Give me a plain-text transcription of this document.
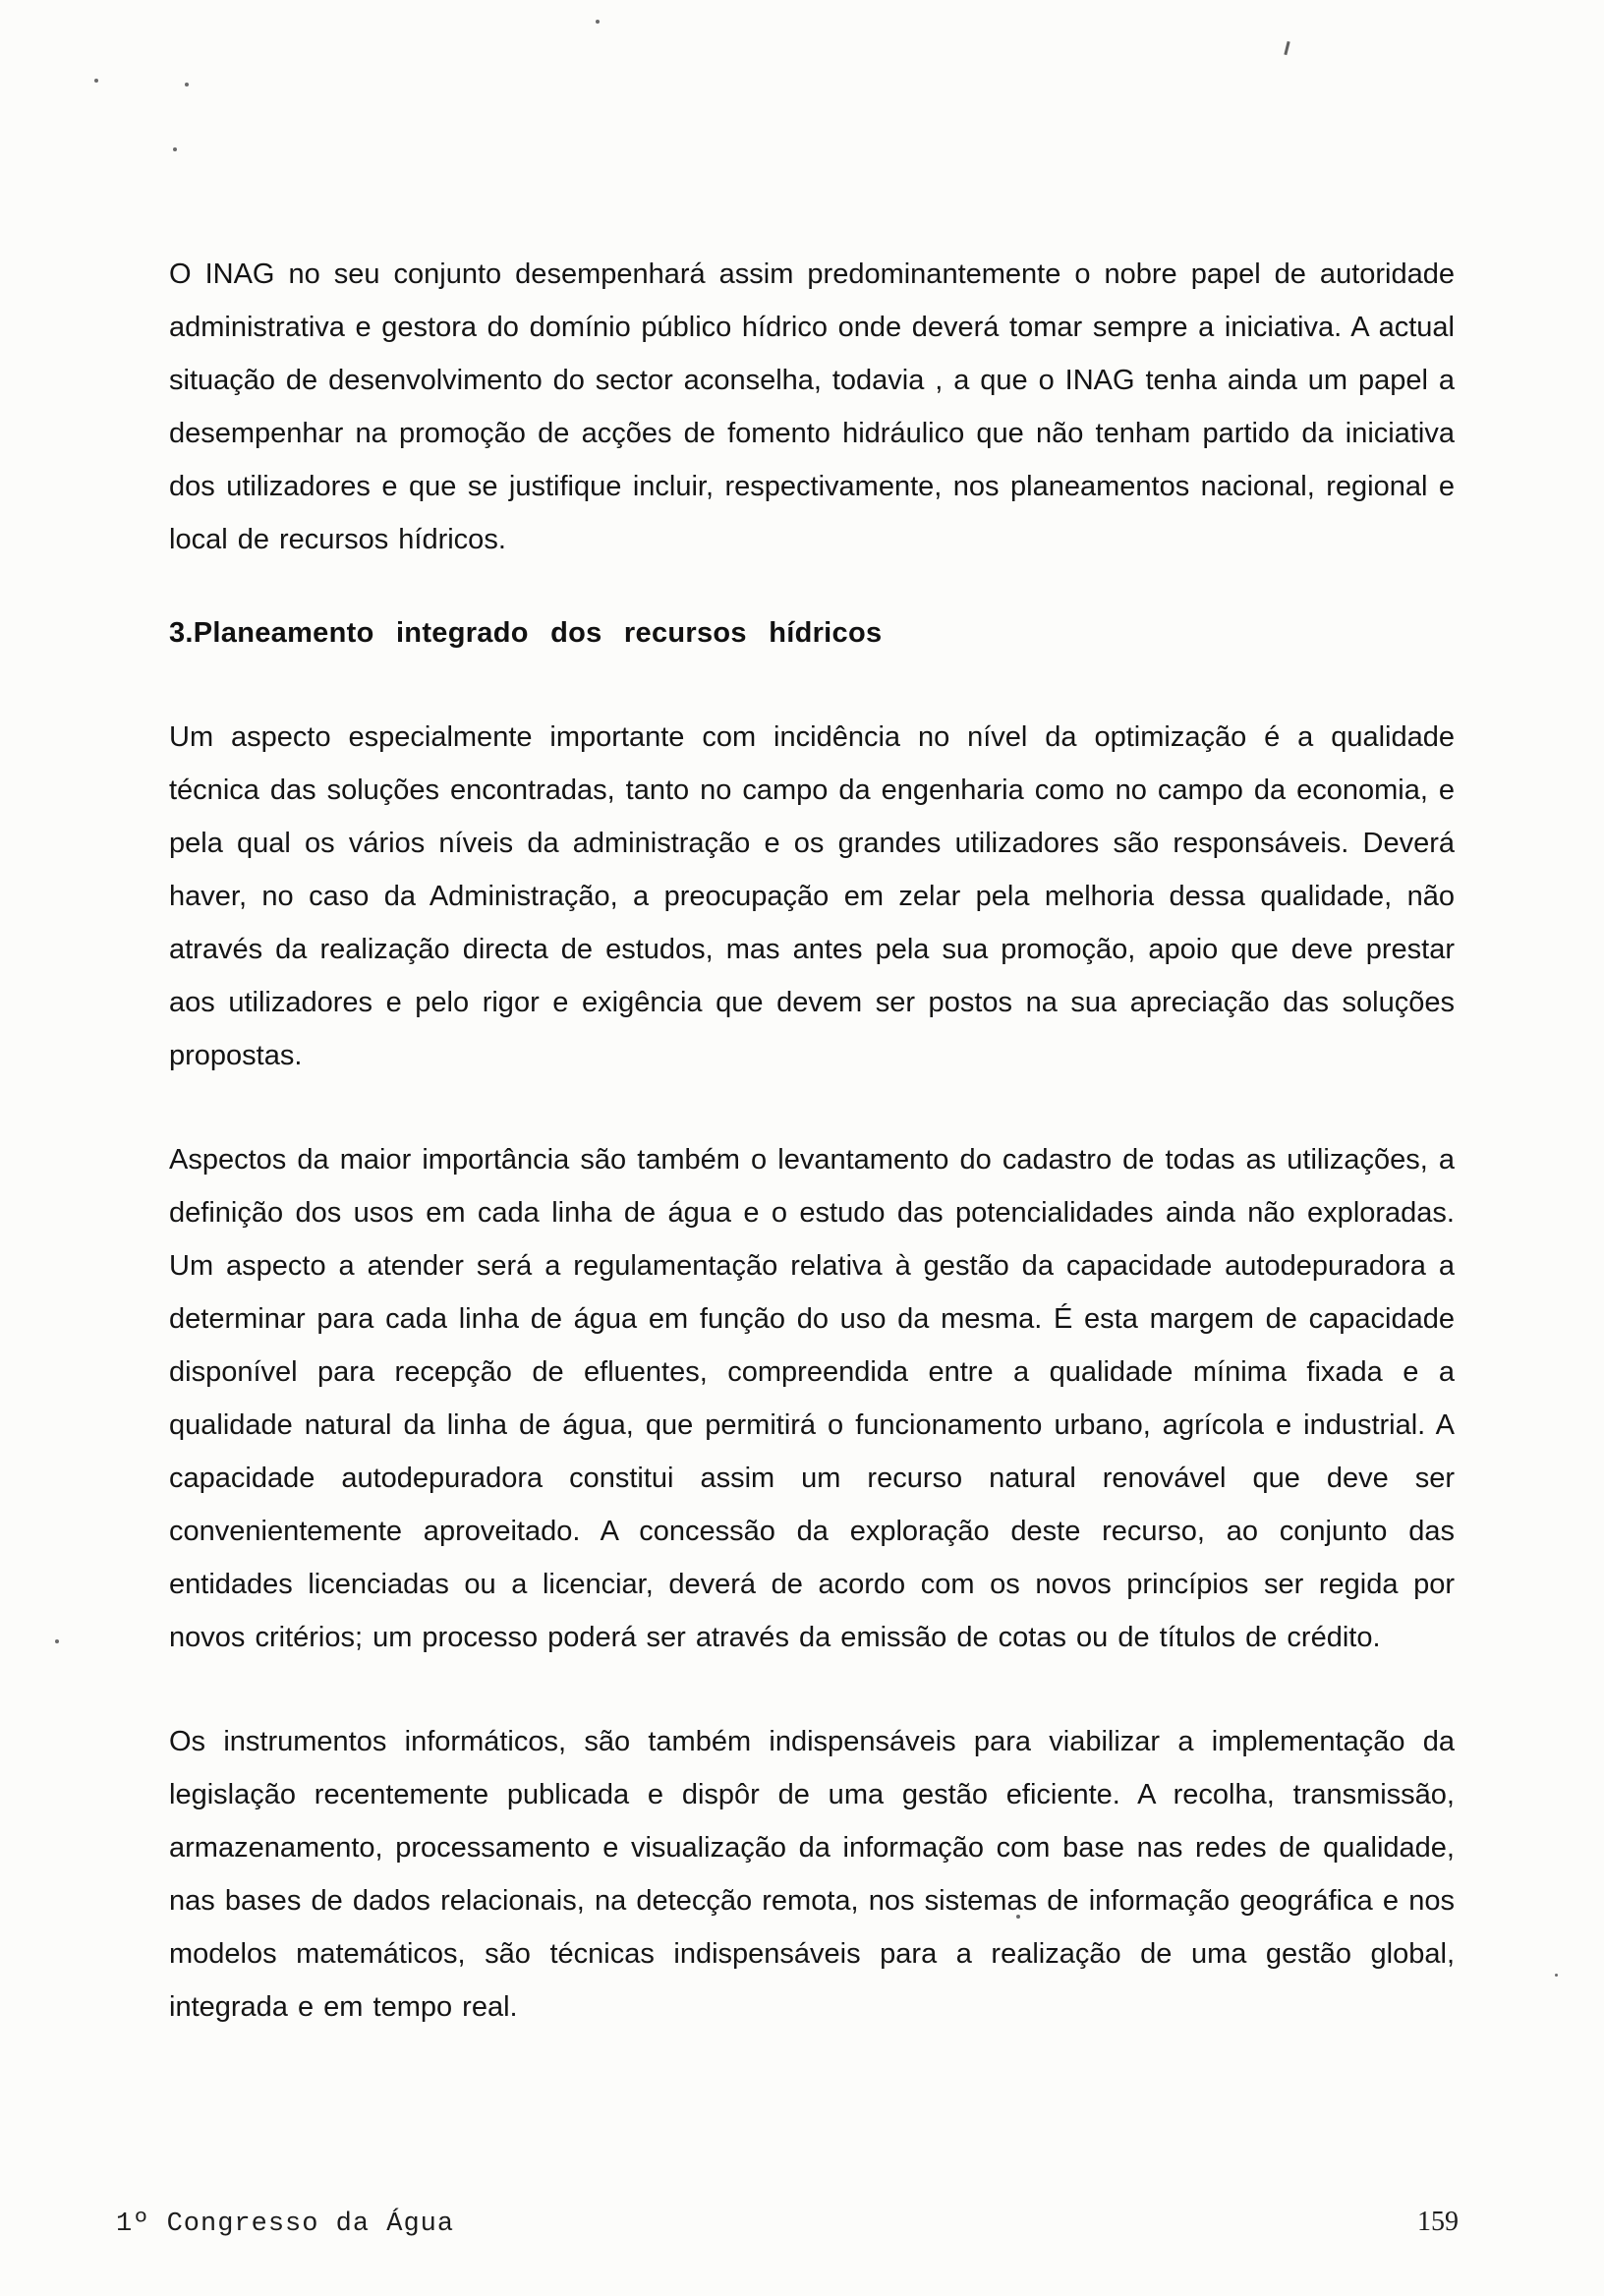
O INAG no seu conjunto desempenhará assim predominantemente o nobre papel de autoridade administrativa e gestora do domínio público hídrico onde deverá tomar sempre a iniciativa. A actual situação de desenvolvimento do sector aconselha, todavia , a que o INAG tenha ainda um papel a desempenhar na promoção de acções de fomento hidráulico que não tenham partido da iniciativa dos utilizadores e que se justifique incluir, respectivamente, nos planeamentos nacional, regional e local de recursos hídricos.

3.Planeamento integrado dos recursos hídricos

Um aspecto especialmente importante com incidência no nível da optimização é a qualidade técnica das soluções encontradas, tanto no campo da engenharia como no campo da economia, e pela qual os vários níveis da administração e os grandes utilizadores são responsáveis. Deverá haver, no caso da Administração, a preocupação em zelar pela melhoria dessa qualidade, não através da realização directa de estudos, mas antes pela sua promoção, apoio que deve prestar aos utilizadores e pelo rigor e exigência que devem ser postos na sua apreciação das soluções propostas.

Aspectos da maior importância são também o levantamento do cadastro de todas as utilizações, a definição dos usos em cada linha de água e o estudo das potencialidades ainda não exploradas. Um aspecto a atender será a regulamentação relativa à gestão da capacidade autodepuradora a determinar para cada linha de água em função do uso da mesma. É esta margem de capacidade disponível para recepção de efluentes, compreendida entre a qualidade mínima fixada e a qualidade natural da linha de água, que permitirá o funcionamento urbano, agrícola e industrial. A capacidade autodepuradora constitui assim um recurso natural renovável que deve ser convenientemente aproveitado. A concessão da exploração deste recurso, ao conjunto das entidades licenciadas ou a licenciar, deverá de acordo com os novos princípios ser regida por novos critérios; um processo poderá ser através da emissão de cotas ou de títulos de crédito.

Os instrumentos informáticos, são também indispensáveis para viabilizar a implementação da legislação recentemente publicada e dispôr de uma gestão eficiente. A recolha, transmissão, armazenamento, processamento e visualização da informação com base nas redes de qualidade, nas bases de dados relacionais, na detecção remota, nos sistemas de informação geográfica e nos modelos matemáticos, são técnicas indispensáveis para a realização de uma gestão global, integrada e em tempo real.

1º Congresso da Água	159
